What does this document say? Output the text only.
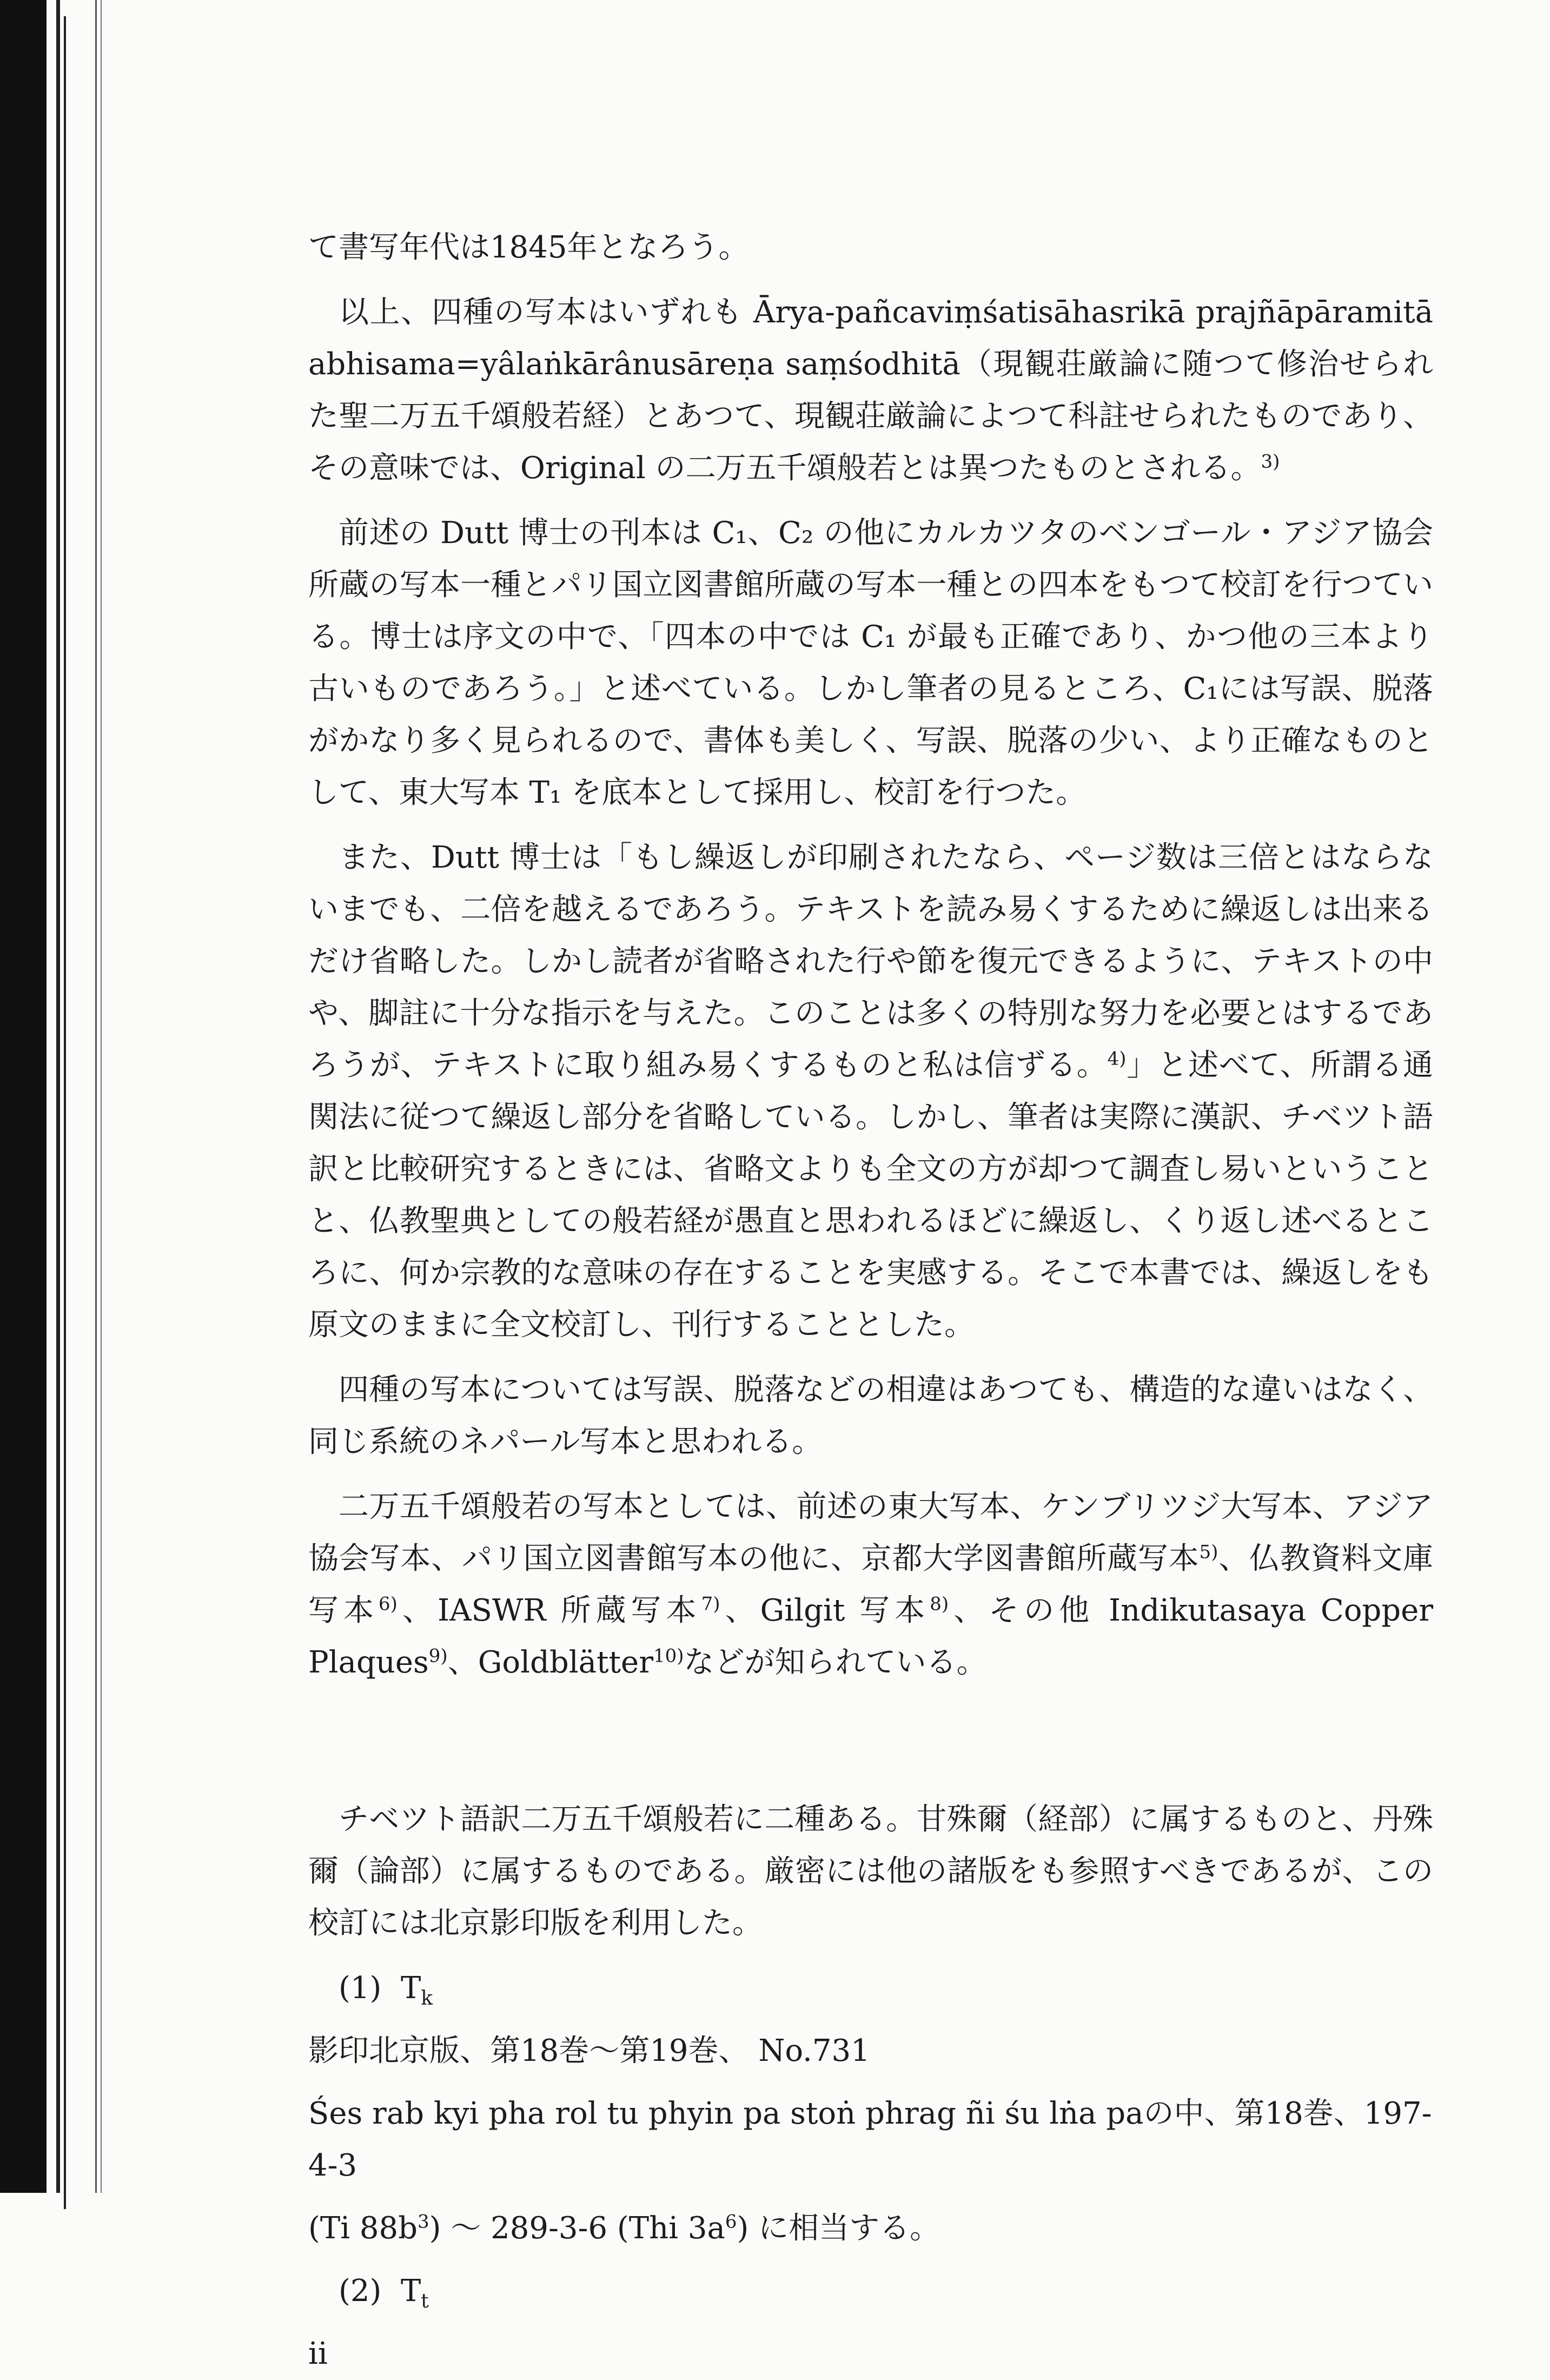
て書写年代は1845年となろう。

以上、四種の写本はいずれも Ārya-pañcaviṃśatisāhasrikā prajñāpāramitā abhisama=yâlaṅkārânusāreṇa saṃśodhitā（現観荘厳論に随つて修治せられた聖二万五千頌般若経）とあつて、現観荘厳論によつて科註せられたものであり、その意味では、Original の二万五千頌般若とは異つたものとされる。$^{3)}$

前述の Dutt 博士の刊本は C₁、C₂ の他にカルカツタのベンゴール・アジア協会所蔵の写本一種とパリ国立図書館所蔵の写本一種との四本をもつて校訂を行つている。博士は序文の中で、「四本の中では C₁ が最も正確であり、かつ他の三本より古いものであろう。」と述べている。しかし筆者の見るところ、C₁には写誤、脱落がかなり多く見られるので、書体も美しく、写誤、脱落の少い、より正確なものとして、東大写本 T₁ を底本として採用し、校訂を行つた。

また、Dutt 博士は「もし繰返しが印刷されたなら、ページ数は三倍とはならないまでも、二倍を越えるであろう。テキストを読み易くするために繰返しは出来るだけ省略した。しかし読者が省略された行や節を復元できるように、テキストの中や、脚註に十分な指示を与えた。このことは多くの特別な努力を必要とはするであろうが、テキストに取り組み易くするものと私は信ずる。$^{4)}$」と述べて、所謂る通関法に従つて繰返し部分を省略している。しかし、筆者は実際に漢訳、チベツト語訳と比較研究するときには、省略文よりも全文の方が却つて調査し易いということと、仏教聖典としての般若経が愚直と思われるほどに繰返し、くり返し述べるところに、何か宗教的な意味の存在することを実感する。そこで本書では、繰返しをも原文のままに全文校訂し、刊行することとした。

四種の写本については写誤、脱落などの相違はあつても、構造的な違いはなく、同じ系統のネパール写本と思われる。

二万五千頌般若の写本としては、前述の東大写本、ケンブリツジ大写本、アジア協会写本、パリ国立図書館写本の他に、京都大学図書館所蔵写本$^{5)}$、仏教資料文庫写本$^{6)}$、IASWR 所蔵写本$^{7)}$、Gilgit 写本$^{8)}$、その他 Indikutasaya Copper Plaques$^{9)}$、Goldblätter$^{10)}$などが知られている。

チベツト語訳二万五千頌般若に二種ある。甘殊爾（経部）に属するものと、丹殊爾（論部）に属するものである。厳密には他の諸版をも参照すべきであるが、この校訂には北京影印版を利用した。

(1) $T_k$
影印北京版、第18巻〜第19巻、 No.731
Śes rab kyi pha rol tu phyin pa stoṅ phrag ñi śu lṅa paの中、第18巻、197-4-3
(Ti $88b^3$) 〜 289-3-6 (Thi $3a^6$) に相当する。
(2) $T_t$
ii
